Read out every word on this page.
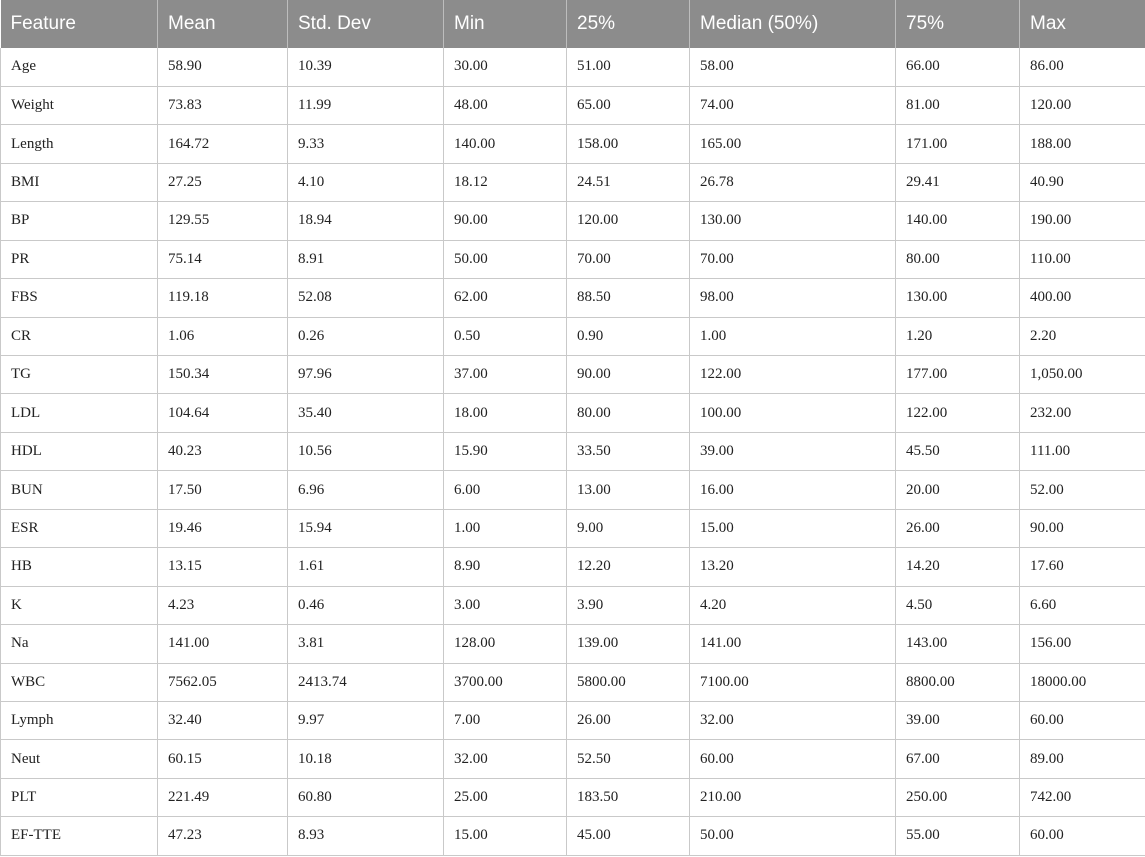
Feature	Mean	Std. Dev	Min	25%	Median (50%)	75%	Max
Age	58.90	10.39	30.00	51.00	58.00	66.00	86.00
Weight	73.83	11.99	48.00	65.00	74.00	81.00	120.00
Length	164.72	9.33	140.00	158.00	165.00	171.00	188.00
BMI	27.25	4.10	18.12	24.51	26.78	29.41	40.90
BP	129.55	18.94	90.00	120.00	130.00	140.00	190.00
PR	75.14	8.91	50.00	70.00	70.00	80.00	110.00
FBS	119.18	52.08	62.00	88.50	98.00	130.00	400.00
CR	1.06	0.26	0.50	0.90	1.00	1.20	2.20
TG	150.34	97.96	37.00	90.00	122.00	177.00	1,050.00
LDL	104.64	35.40	18.00	80.00	100.00	122.00	232.00
HDL	40.23	10.56	15.90	33.50	39.00	45.50	111.00
BUN	17.50	6.96	6.00	13.00	16.00	20.00	52.00
ESR	19.46	15.94	1.00	9.00	15.00	26.00	90.00
HB	13.15	1.61	8.90	12.20	13.20	14.20	17.60
K	4.23	0.46	3.00	3.90	4.20	4.50	6.60
Na	141.00	3.81	128.00	139.00	141.00	143.00	156.00
WBC	7562.05	2413.74	3700.00	5800.00	7100.00	8800.00	18000.00
Lymph	32.40	9.97	7.00	26.00	32.00	39.00	60.00
Neut	60.15	10.18	32.00	52.50	60.00	67.00	89.00
PLT	221.49	60.80	25.00	183.50	210.00	250.00	742.00
EF-TTE	47.23	8.93	15.00	45.00	50.00	55.00	60.00
